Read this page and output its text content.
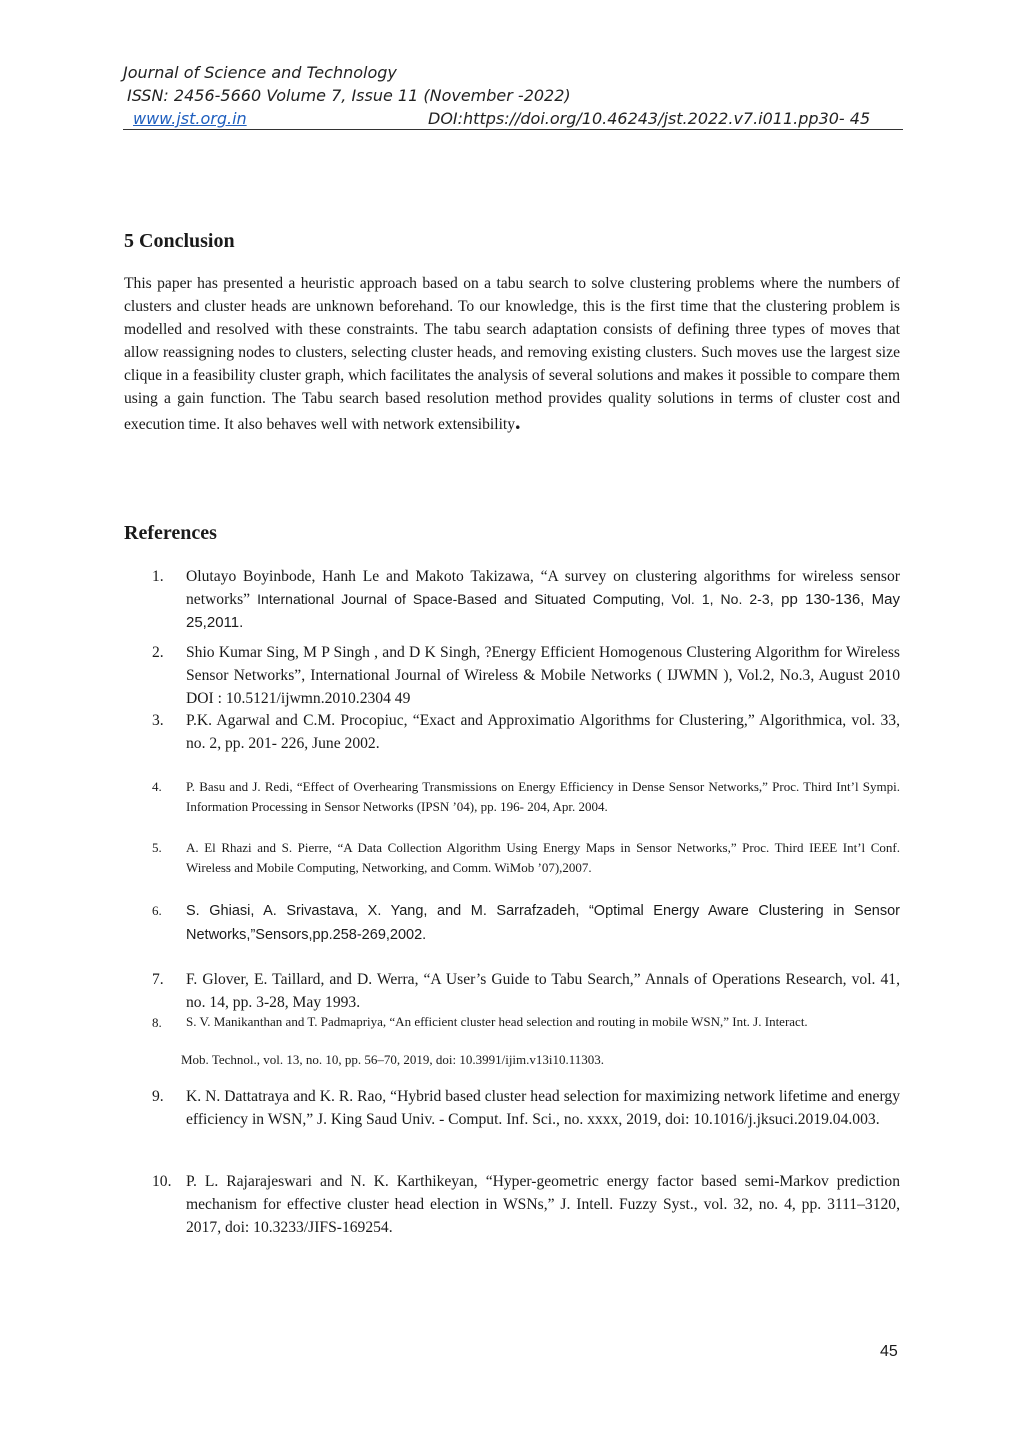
Journal of Science and Technology
ISSN: 2456-5660 Volume 7, Issue 11 (November -2022)
www.jst.org.in	DOI:https://doi.org/10.46243/jst.2022.v7.i011.pp30- 45
5 Conclusion
This paper has presented a heuristic approach based on a tabu search to solve clustering problems where the numbers of clusters and cluster heads are unknown beforehand. To our knowledge, this is the first time that the clustering problem is modelled and resolved with these constraints. The tabu search adaptation consists of defining three types of moves that allow reassigning nodes to clusters, selecting cluster heads, and removing existing clusters. Such moves use the largest size clique in a feasibility cluster graph, which facilitates the analysis of several solutions and makes it possible to compare them using a gain function. The Tabu search based resolution method provides quality solutions in terms of cluster cost and execution time. It also behaves well with network extensibility.
References
1.	Olutayo Boyinbode, Hanh Le and Makoto Takizawa, “A survey on clustering algorithms for wireless sensor networks” International Journal of Space-Based and Situated Computing, Vol. 1, No. 2-3, pp 130-136, May 25,2011.
2.	Shio Kumar Sing, M P Singh , and D K Singh, ?Energy Efficient Homogenous Clustering Algorithm for Wireless Sensor Networks”, International Journal of Wireless & Mobile Networks ( IJWMN ), Vol.2, No.3, August 2010 DOI : 10.5121/ijwmn.2010.2304 49
3.	P.K. Agarwal and C.M. Procopiuc, “Exact and Approximatio Algorithms for Clustering,” Algorithmica, vol. 33, no. 2, pp. 201- 226, June 2002.
4.	P. Basu and J. Redi, “Effect of Overhearing Transmissions on Energy Efficiency in Dense Sensor Networks,” Proc. Third Int’l Sympi. Information Processing in Sensor Networks (IPSN ’04), pp. 196- 204, Apr. 2004.
5.	A. El Rhazi and S. Pierre, “A Data Collection Algorithm Using Energy Maps in Sensor Networks,” Proc. Third IEEE Int’l Conf. Wireless and Mobile Computing, Networking, and Comm. WiMob ’07),2007.
6.	S. Ghiasi, A. Srivastava, X. Yang, and M. Sarrafzadeh, “Optimal Energy Aware Clustering in Sensor Networks,”Sensors,pp.258-269,2002.
7.	F. Glover, E. Taillard, and D. Werra, “A User’s Guide to Tabu Search,” Annals of Operations Research, vol. 41, no. 14, pp. 3-28, May 1993.
8.	S. V. Manikanthan and T. Padmapriya, “An efficient cluster head selection and routing in mobile WSN,” Int. J. Interact.
Mob. Technol., vol. 13, no. 10, pp. 56–70, 2019, doi: 10.3991/ijim.v13i10.11303.
9.	K. N. Dattatraya and K. R. Rao, “Hybrid based cluster head selection for maximizing network lifetime and energy efficiency in WSN,” J. King Saud Univ. - Comput. Inf. Sci., no. xxxx, 2019, doi: 10.1016/j.jksuci.2019.04.003.
10. P. L. Rajarajeswari and N. K. Karthikeyan, “Hyper-geometric energy factor based semi-Markov prediction mechanism for effective cluster head election in WSNs,” J. Intell. Fuzzy Syst., vol. 32, no. 4, pp. 3111–3120, 2017, doi: 10.3233/JIFS-169254.
45
